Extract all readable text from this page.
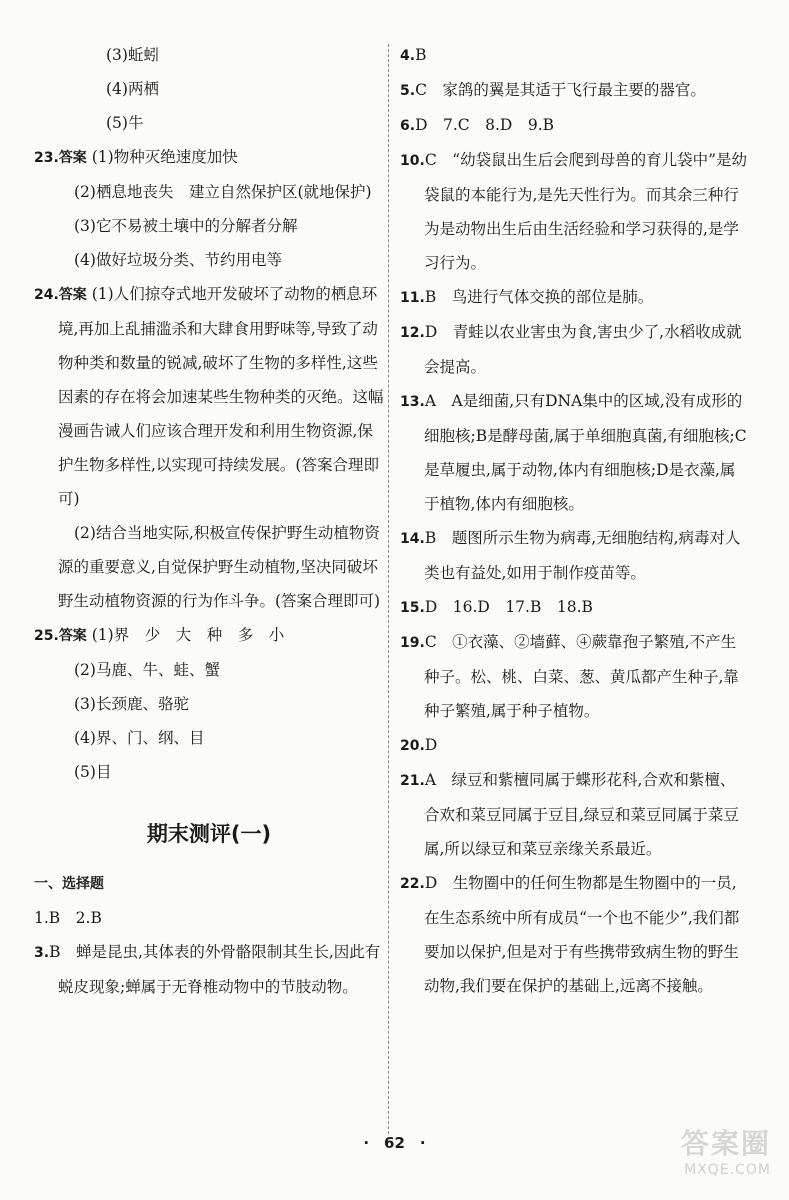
(3)蚯蚓

(4)两栖

(5)牛

23.答案 (1)物种灭绝速度加快

(2)栖息地丧失　建立自然保护区(就地保护)

(3)它不易被土壤中的分解者分解

(4)做好垃圾分类、节约用电等

24.答案 (1)人们掠夺式地开发破坏了动物的栖息环境,再加上乱捕滥杀和大肆食用野味等,导致了动物种类和数量的锐减,破坏了生物的多样性,这些因素的存在将会加速某些生物种类的灭绝。这幅漫画告诫人们应该合理开发和利用生物资源,保护生物多样性,以实现可持续发展。(答案合理即可)

(2)结合当地实际,积极宣传保护野生动植物资源的重要意义,自觉保护野生动植物,坚决同破坏野生动植物资源的行为作斗争。(答案合理即可)

25.答案 (1)界　少　大　种　多　小

(2)马鹿、牛、蛙、蟹

(3)长颈鹿、骆驼

(4)界、门、纲、目

(5)目

期末测评(一)

一、选择题

1.B　2.B

3.B　蝉是昆虫,其体表的外骨骼限制其生长,因此有蜕皮现象;蝉属于无脊椎动物中的节肢动物。

4.B

5.C　家鸽的翼是其适于飞行最主要的器官。

6.D　7.C　8.D　9.B

10.C　“幼袋鼠出生后会爬到母兽的育儿袋中”是幼袋鼠的本能行为,是先天性行为。而其余三种行为是动物出生后由生活经验和学习获得的,是学习行为。

11.B　鸟进行气体交换的部位是肺。

12.D　青蛙以农业害虫为食,害虫少了,水稻收成就会提高。

13.A　A是细菌,只有DNA集中的区域,没有成形的细胞核;B是酵母菌,属于单细胞真菌,有细胞核;C是草履虫,属于动物,体内有细胞核;D是衣藻,属于植物,体内有细胞核。

14.B　题图所示生物为病毒,无细胞结构,病毒对人类也有益处,如用于制作疫苗等。

15.D　16.D　17.B　18.B

19.C　①衣藻、②墙藓、④蕨靠孢子繁殖,不产生种子。松、桃、白菜、葱、黄瓜都产生种子,靠种子繁殖,属于种子植物。

20.D

21.A　绿豆和紫檀同属于蝶形花科,合欢和紫檀、合欢和菜豆同属于豆目,绿豆和菜豆同属于菜豆属,所以绿豆和菜豆亲缘关系最近。

22.D　生物圈中的任何生物都是生物圈中的一员,在生态系统中所有成员“一个也不能少”,我们都要加以保护,但是对于有些携带致病生物的野生动物,我们要在保护的基础上,远离不接触。

·　62　·	答案圈
MXQE.COM
